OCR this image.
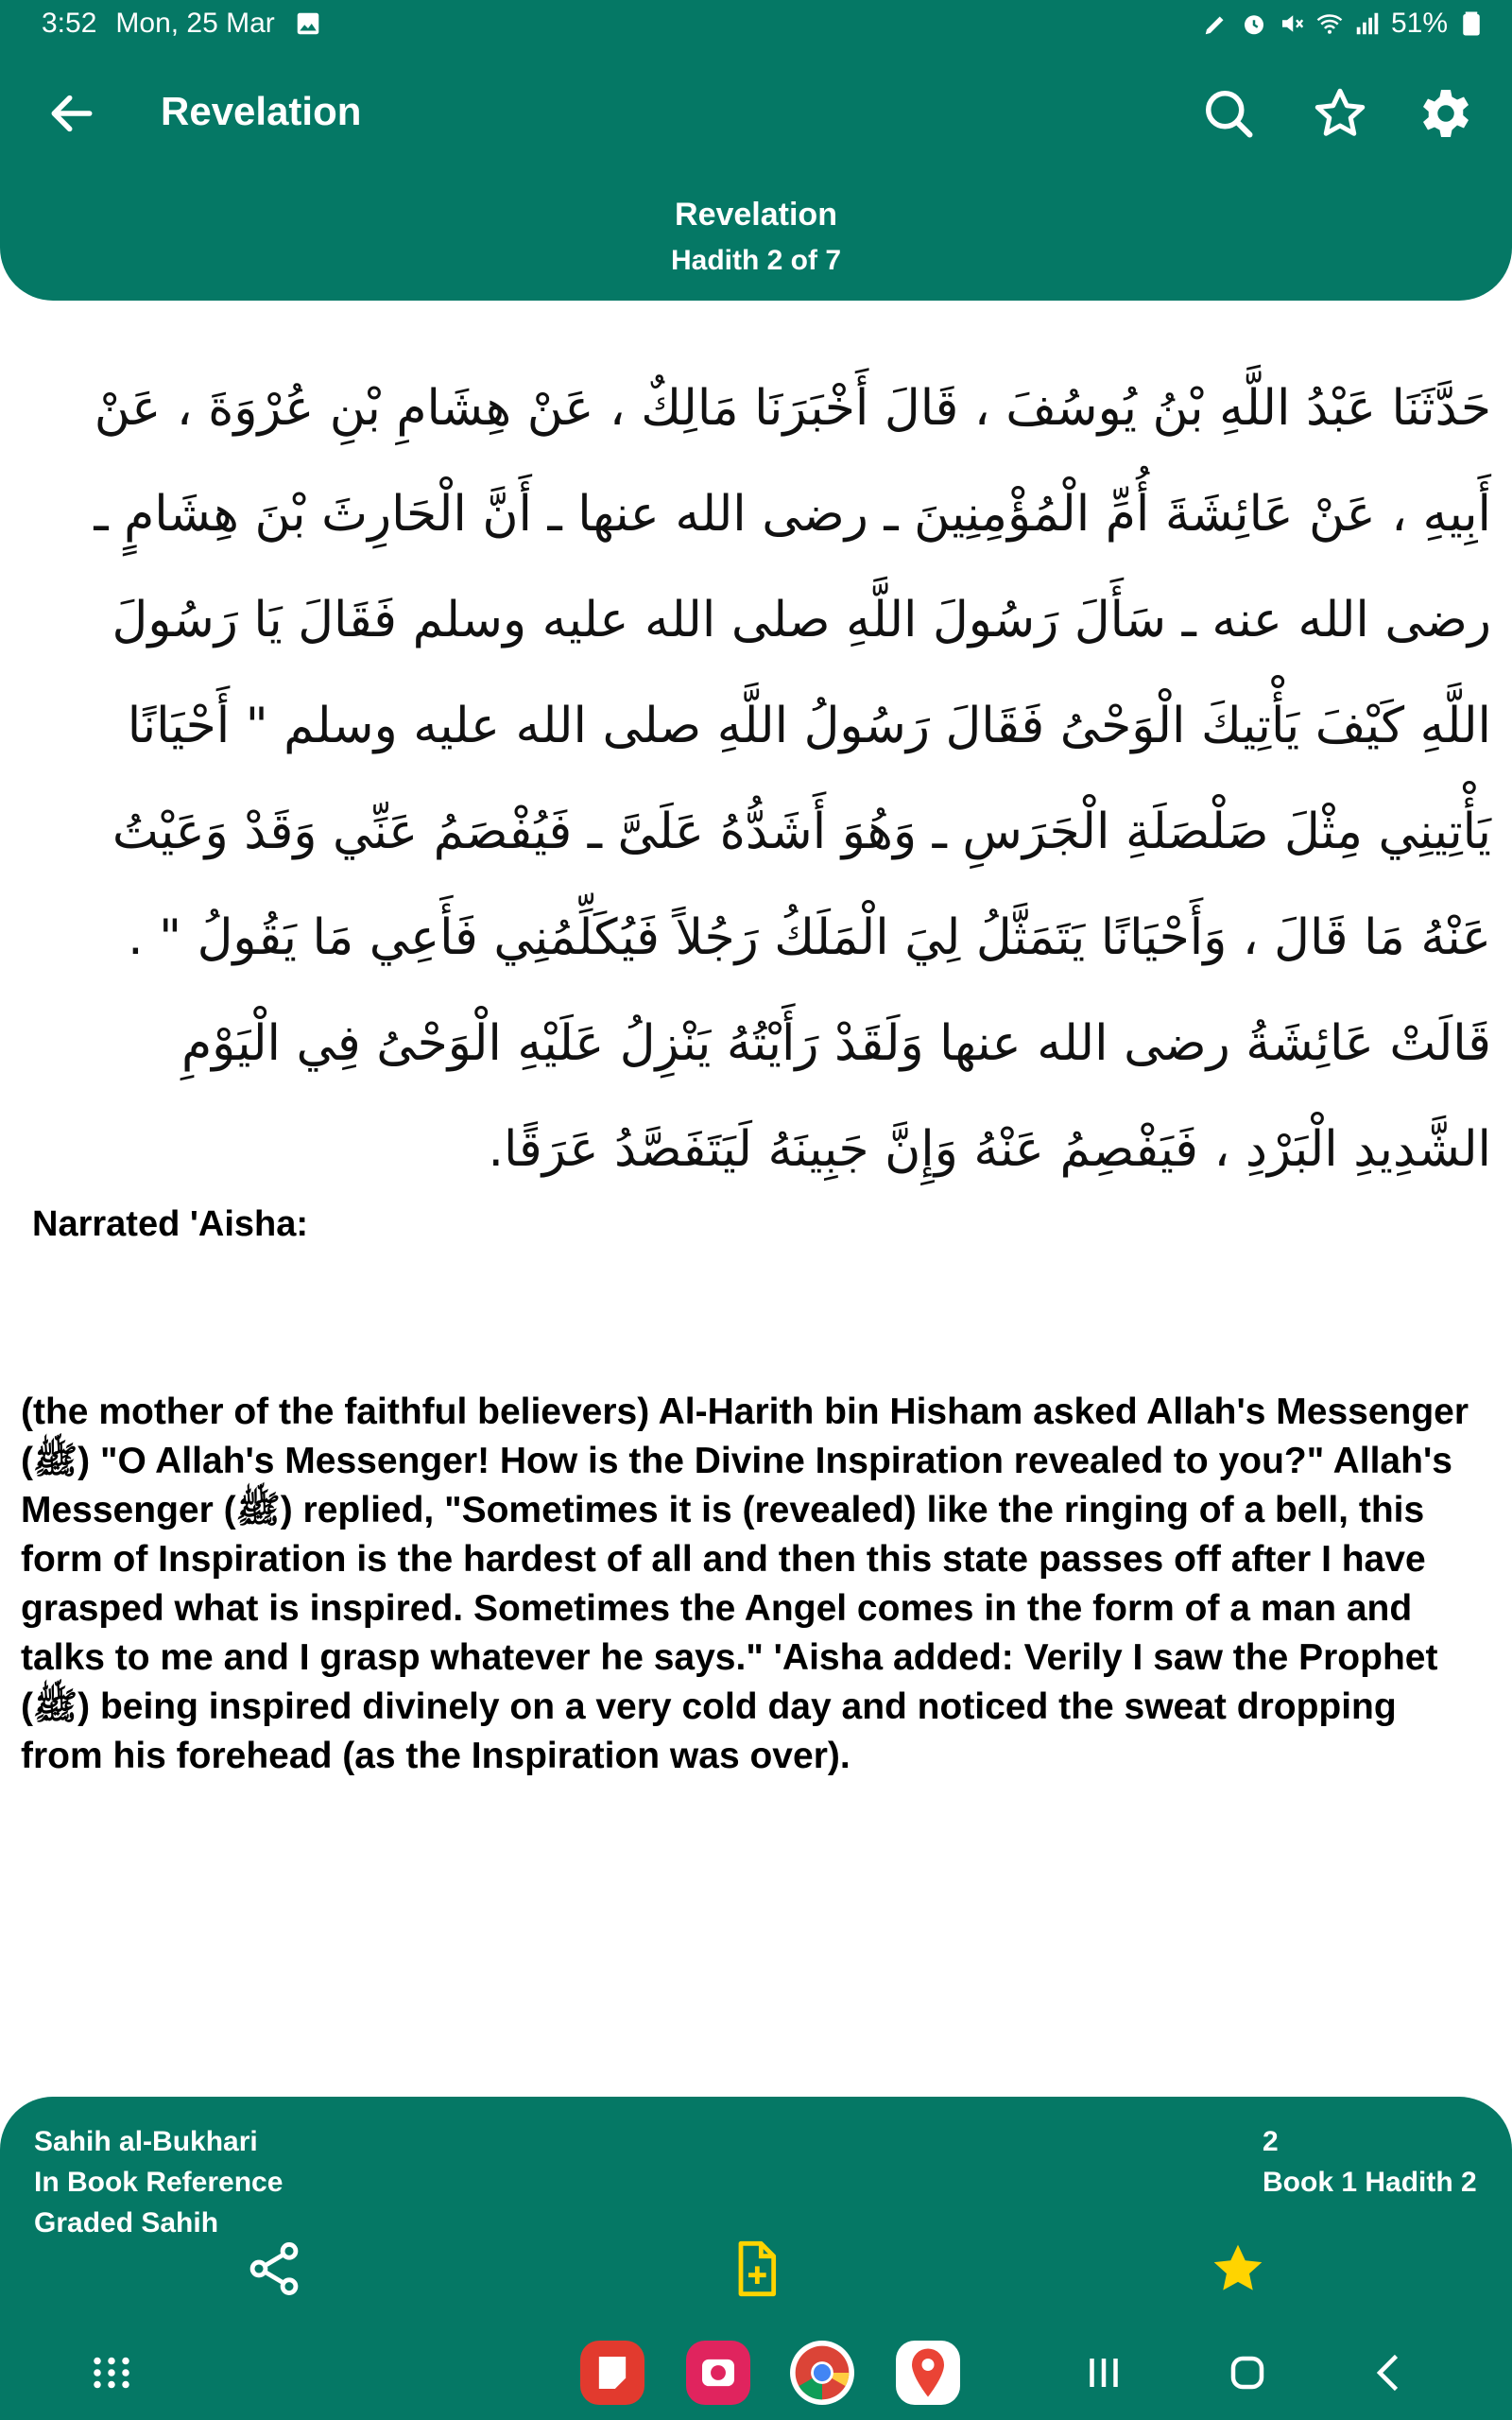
3:52 Mon, 25 Mar	51%
Revelation
Revelation
Hadith 2 of 7
حَدَّثَنَا عَبْدُ اللَّهِ بْنُ يُوسُفَ ، قَالَ أَخْبَرَنَا مَالِكٌ ، عَنْ هِشَامِ بْنِ عُرْوَةَ ، عَنْ أَبِيهِ ، عَنْ عَائِشَةَ أُمِّ الْمُؤْمِنِينَ ـ رضى الله عنها ـ أَنَّ الْحَارِثَ بْنَ هِشَامٍ ـ رضى الله عنه ـ سَأَلَ رَسُولَ اللَّهِ صلى الله عليه وسلم فَقَالَ يَا رَسُولَ اللَّهِ كَيْفَ يَأْتِيكَ الْوَحْىُ فَقَالَ رَسُولُ اللَّهِ صلى الله عليه وسلم " أَحْيَانًا يَأْتِينِي مِثْلَ صَلْصَلَةِ الْجَرَسِ ـ وَهُوَ أَشَدُّهُ عَلَىَّ ـ فَيُفْصَمُ عَنِّي وَقَدْ وَعَيْتُ عَنْهُ مَا قَالَ ، وَأَحْيَانًا يَتَمَثَّلُ لِيَ الْمَلَكُ رَجُلاً فَيُكَلِّمُنِي فَأَعِي مَا يَقُولُ " . قَالَتْ عَائِشَةُ رضى الله عنها وَلَقَدْ رَأَيْتُهُ يَنْزِلُ عَلَيْهِ الْوَحْىُ فِي الْيَوْمِ الشَّدِيدِ الْبَرْدِ ، فَيَفْصِمُ عَنْهُ وَإِنَّ جَبِينَهُ لَيَتَفَصَّدُ عَرَقًا.
Narrated 'Aisha:
(the mother of the faithful believers) Al-Harith bin Hisham asked Allah's Messenger (ﷺ) "O Allah's Messenger! How is the Divine Inspiration revealed to you?" Allah's Messenger (ﷺ) replied, "Sometimes it is (revealed) like the ringing of a bell, this form of Inspiration is the hardest of all and then this state passes off after I have grasped what is inspired. Sometimes the Angel comes in the form of a man and talks to me and I grasp whatever he says." 'Aisha added: Verily I saw the Prophet (ﷺ) being inspired divinely on a very cold day and noticed the sweat dropping from his forehead (as the Inspiration was over).
Sahih al-Bukhari
In Book Reference
Graded Sahih
2
Book 1 Hadith 2
